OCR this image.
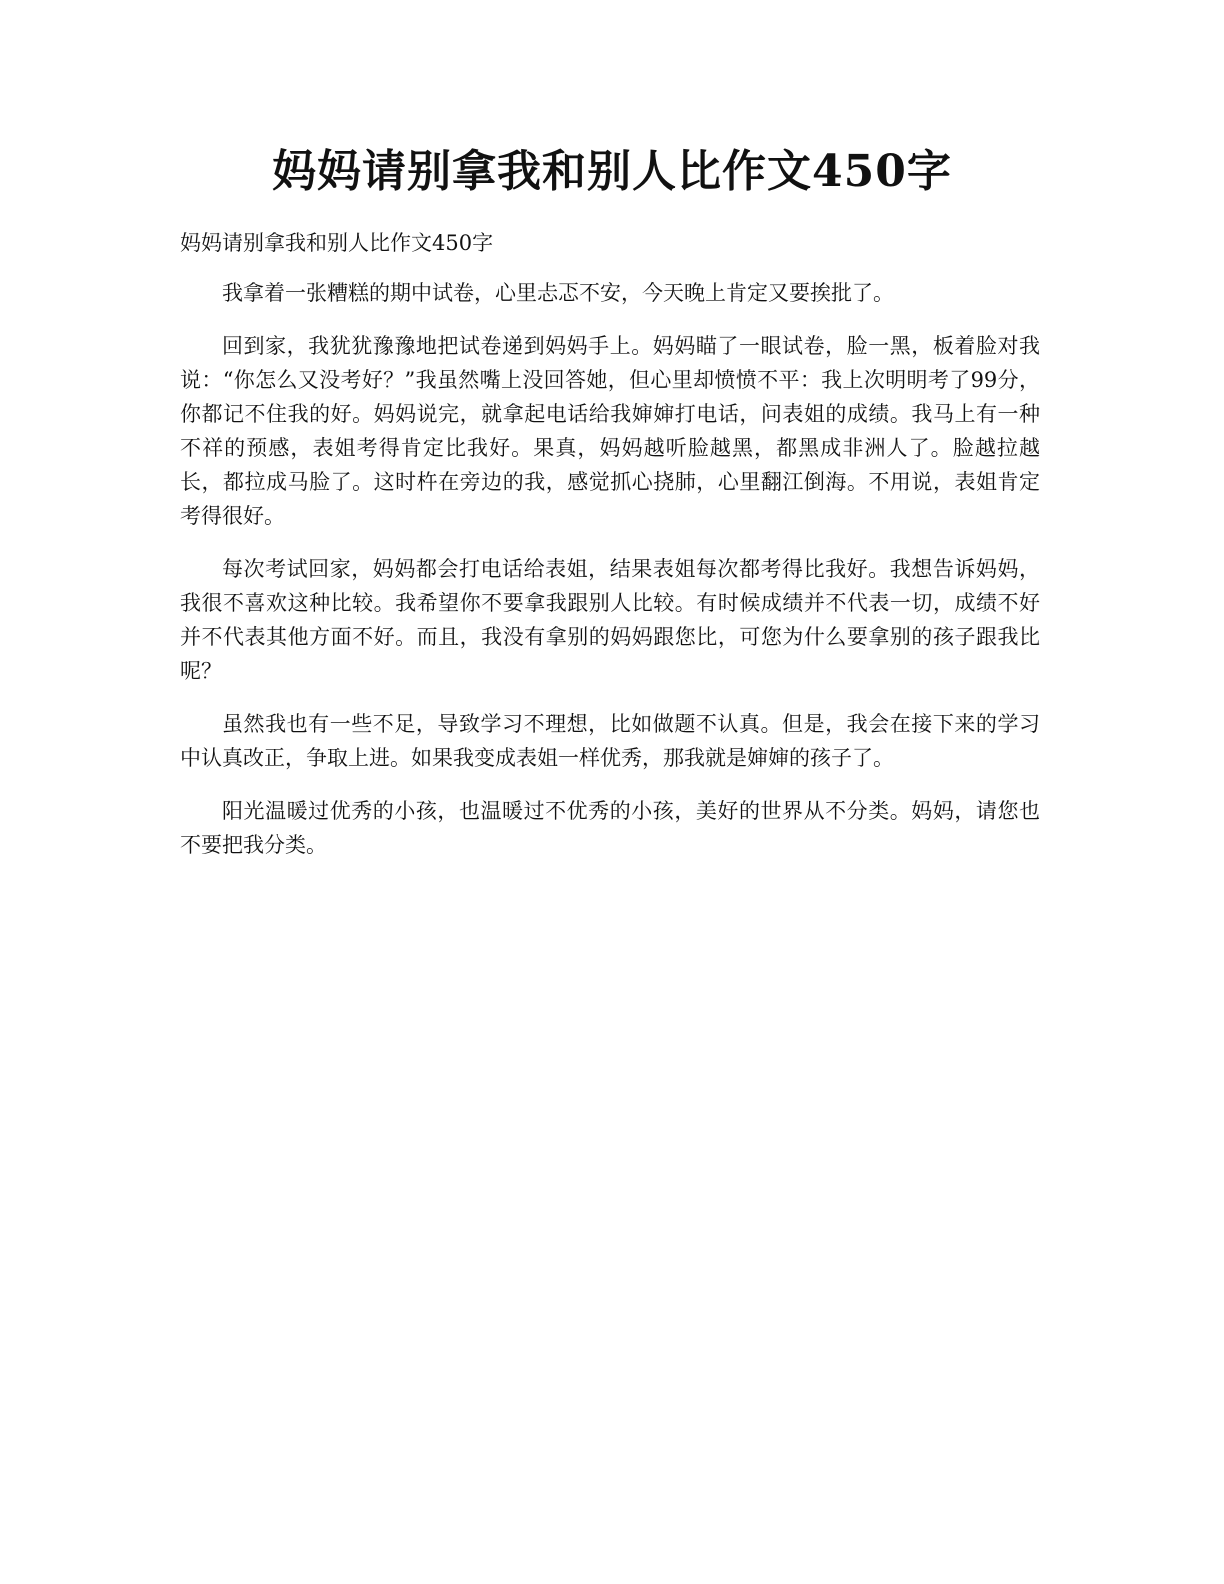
妈妈请别拿我和别人比作文450字

妈妈请别拿我和别人比作文450字

我拿着一张糟糕的期中试卷，心里忐忑不安，今天晚上肯定又要挨批了。

回到家，我犹犹豫豫地把试卷递到妈妈手上。妈妈瞄了一眼试卷，脸一黑，板着脸对我说：“你怎么又没考好？”我虽然嘴上没回答她，但心里却愤愤不平：我上次明明考了99分，你都记不住我的好。妈妈说完，就拿起电话给我婶婶打电话，问表姐的成绩。我马上有一种不祥的预感，表姐考得肯定比我好。果真，妈妈越听脸越黑，都黑成非洲人了。脸越拉越长，都拉成马脸了。这时杵在旁边的我，感觉抓心挠肺，心里翻江倒海。不用说，表姐肯定考得很好。

每次考试回家，妈妈都会打电话给表姐，结果表姐每次都考得比我好。我想告诉妈妈，我很不喜欢这种比较。我希望你不要拿我跟别人比较。有时候成绩并不代表一切，成绩不好并不代表其他方面不好。而且，我没有拿别的妈妈跟您比，可您为什么要拿别的孩子跟我比呢？

虽然我也有一些不足，导致学习不理想，比如做题不认真。但是，我会在接下来的学习中认真改正，争取上进。如果我变成表姐一样优秀，那我就是婶婶的孩子了。

阳光温暖过优秀的小孩，也温暖过不优秀的小孩，美好的世界从不分类。妈妈，请您也不要把我分类。
